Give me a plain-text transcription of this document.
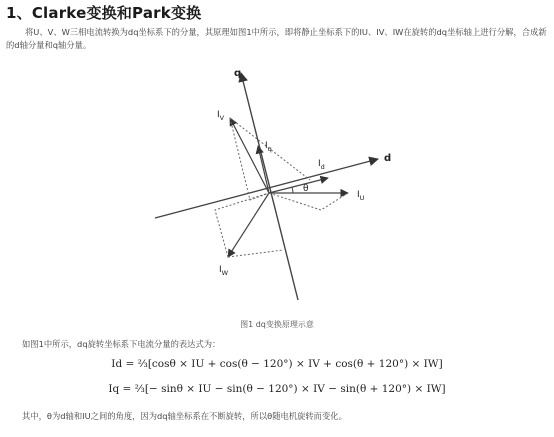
1、Clarke变换和Park变换
将U、V、W三相电流转换为dq坐标系下的分量，其原理如图1中所示，即将静止坐标系下的IU、IV、IW在旋转的dq坐标轴上进行分解，合成新的d轴分量和q轴分量。
q
d
$I_V$
$I_q$
$I_d$
θ
$I_U$
$I_W$
图1 dq变换原理示意
如图1中所示，dq旋转坐标系下电流分量的表达式为：
Id = ⅔[cosθ × IU + cos(θ − 120°) × IV + cos(θ + 120°) × IW]
Iq = ⅔[− sinθ × IU − sin(θ − 120°) × IV − sin(θ + 120°) × IW]
其中，θ为d轴和IU之间的角度，因为dq轴坐标系在不断旋转，所以θ随电机旋转而变化。
